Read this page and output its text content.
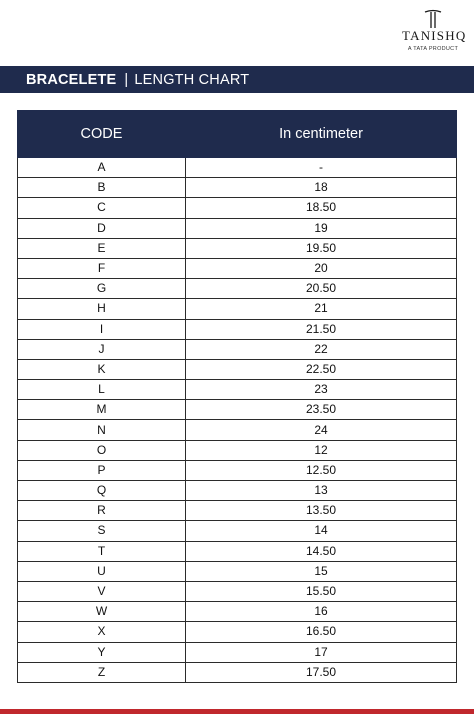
TANISHQ
A TATA PRODUCT
BRACELETE | LENGTH CHART
CODE	In centimeter
A	-
B	18
C	18.50
D	19
E	19.50
F	20
G	20.50
H	21
I	21.50
J	22
K	22.50
L	23
M	23.50
N	24
O	12
P	12.50
Q	13
R	13.50
S	14
T	14.50
U	15
V	15.50
W	16
X	16.50
Y	17
Z	17.50
